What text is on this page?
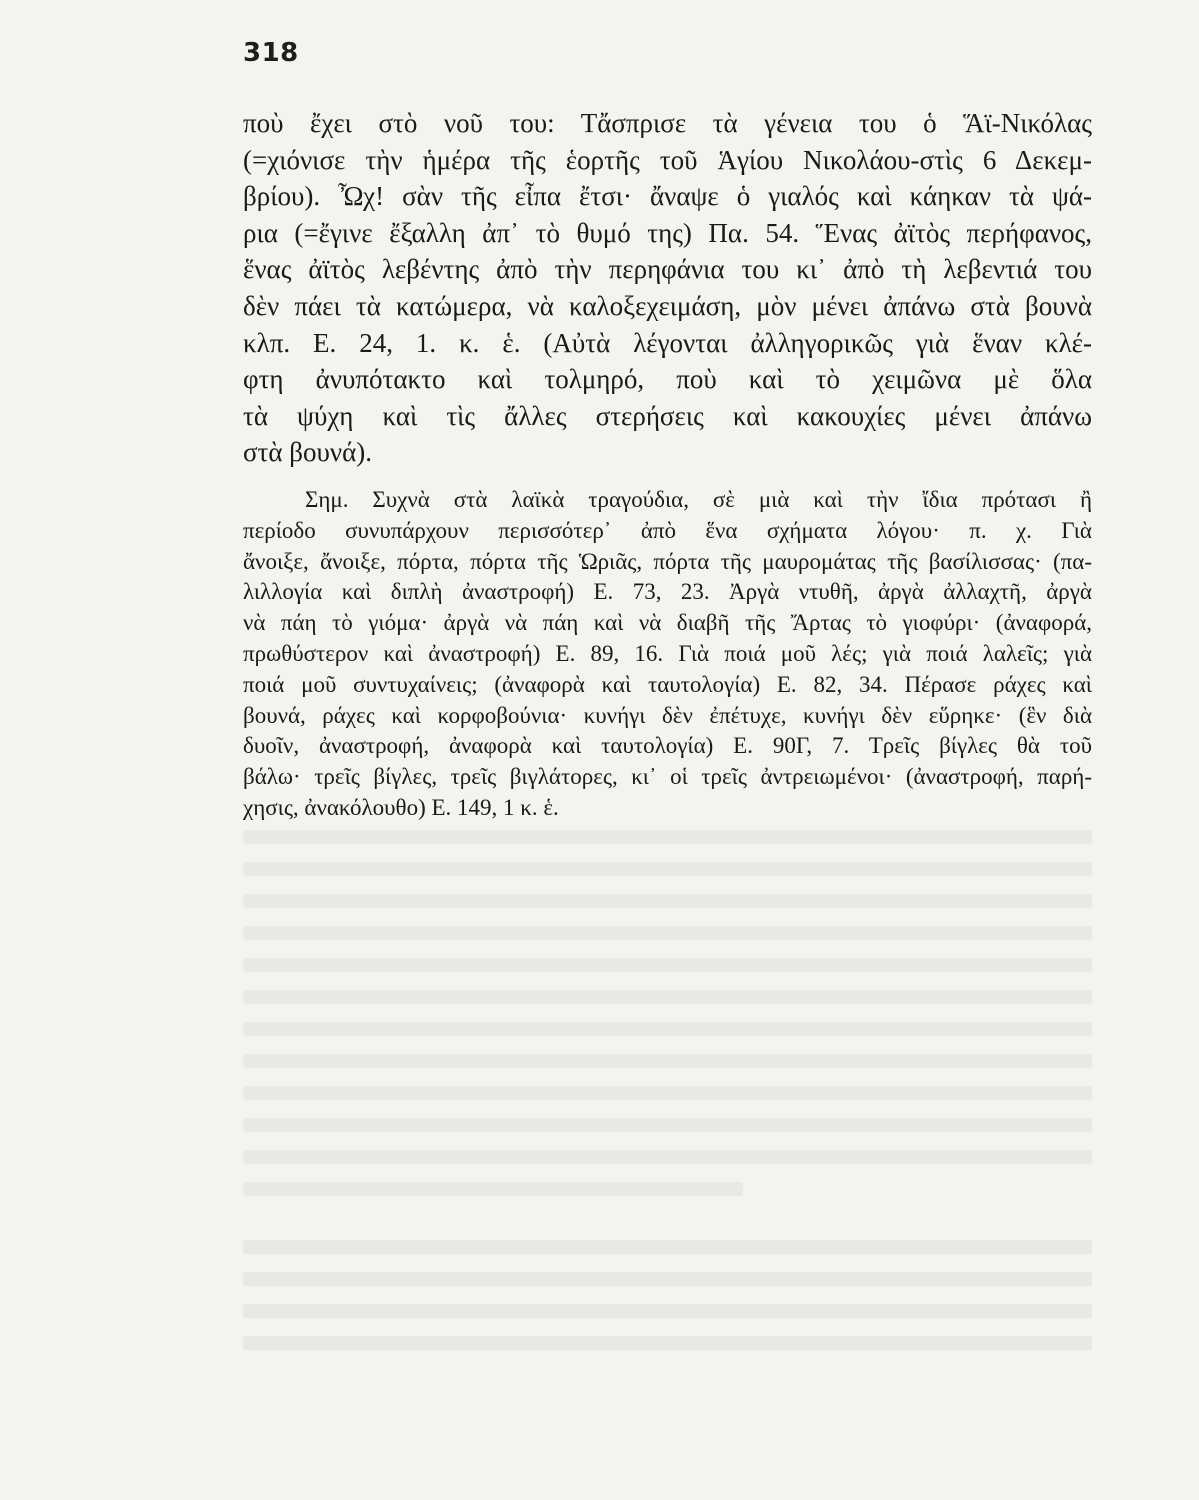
318
ποὺ ἔχει στὸ νοῦ του: Τἄσπρισε τὰ γένεια του ὁ Ἅϊ-Νικόλας
(=χιόνισε τὴν ἡμέρα τῆς ἑορτῆς τοῦ Ἁγίου Νικολάου-στὶς 6 Δεκεμ-
βρίου). Ὦχ! σὰν τῆς εἶπα ἔτσι· ἄναψε ὁ γιαλός καὶ κάηκαν τὰ ψά-
ρια (=ἔγινε ἔξαλλη ἀπ᾽ τὸ θυμό της) Πα. 54. Ἕνας ἀϊτὸς περήφανος,
ἕνας ἀϊτὸς λεβέντης ἀπὸ τὴν περηφάνια του κι᾽ ἀπὸ τὴ λεβεντιά του
δὲν πάει τὰ κατώμερα, νὰ καλοξεχειμάση, μὸν μένει ἀπάνω στὰ βουνὰ
κλπ. Ε. 24, 1. κ. ἑ. (Αὐτὰ λέγονται ἀλληγορικῶς γιὰ ἕναν κλέ-
φτη ἀνυπότακτο καὶ τολμηρό, ποὺ καὶ τὸ χειμῶνα μὲ ὅλα
τὰ ψύχη καὶ τὶς ἄλλες στερήσεις καὶ κακουχίες μένει ἀπάνω
στὰ βουνά).
Σημ. Συχνὰ στὰ λαϊκὰ τραγούδια, σὲ μιὰ καὶ τὴν ἴδια πρότασι ἢ
περίοδο συνυπάρχουν περισσότερ᾽ ἀπὸ ἕνα σχήματα λόγου· π. χ. Γιὰ
ἄνοιξε, ἄνοιξε, πόρτα, πόρτα τῆς Ὡριᾶς, πόρτα τῆς μαυρομάτας τῆς βασίλισσας· (πα-
λιλλογία καὶ διπλὴ ἀναστροφή) Ε. 73, 23. Ἀργὰ ντυθῆ, ἀργὰ ἀλλαχτῆ, ἀργὰ
νὰ πάη τὸ γιόμα· ἀργὰ νὰ πάη καὶ νὰ διαβῆ τῆς Ἄρτας τὸ γιοφύρι· (ἀναφορά,
πρωθύστερον καὶ ἀναστροφή) Ε. 89, 16. Γιὰ ποιά μοῦ λές; γιὰ ποιά λαλεῖς; γιὰ
ποιά μοῦ συντυχαίνεις; (ἀναφορὰ καὶ ταυτολογία) Ε. 82, 34. Πέρασε ράχες καὶ
βουνά, ράχες καὶ κορφοβούνια· κυνήγι δὲν ἐπέτυχε, κυνήγι δὲν εὕρηκε· (ἓν διὰ
δυοῖν, ἀναστροφή, ἀναφορὰ καὶ ταυτολογία) Ε. 90Γ, 7. Τρεῖς βίγλες θὰ τοῦ
βάλω· τρεῖς βίγλες, τρεῖς βιγλάτορες, κι᾽ οἱ τρεῖς ἀντρειωμένοι· (ἀναστροφή, παρή-
χησις, ἀνακόλουθο) Ε. 149, 1 κ. ἑ.
